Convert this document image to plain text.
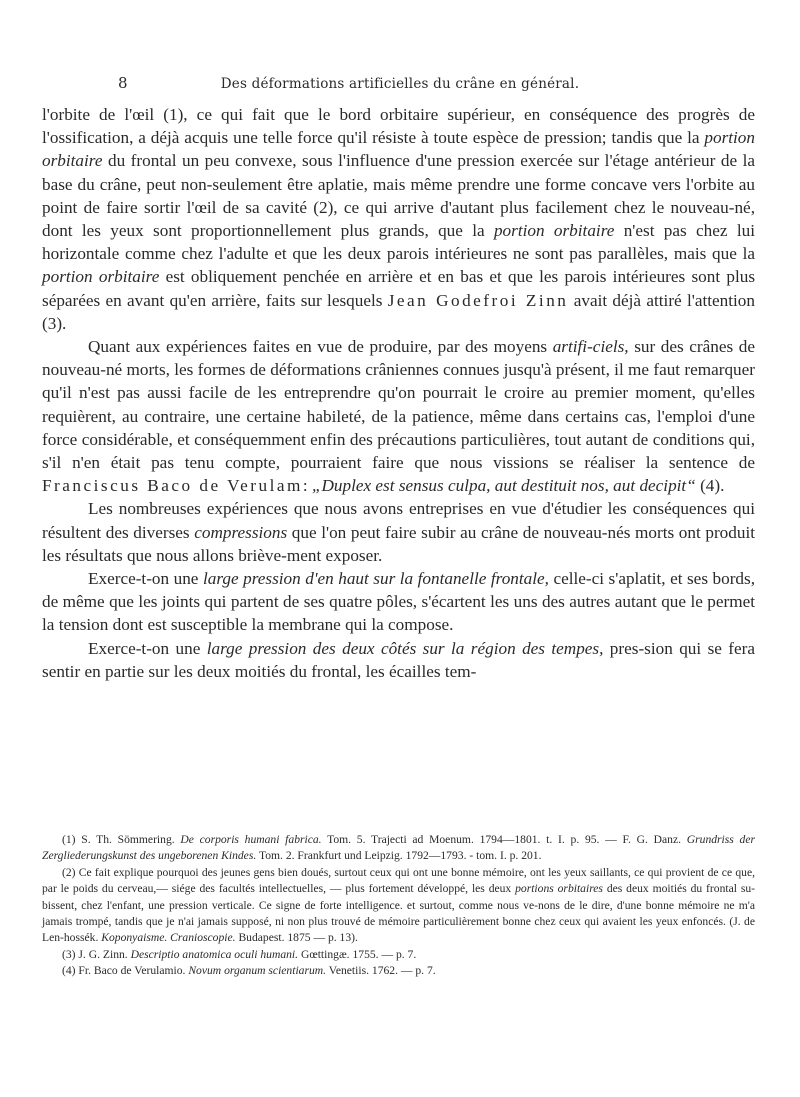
8	Des déformations artificielles du crâne en général.

l'orbite de l'œil (1), ce qui fait que le bord orbitaire supérieur, en conséquence des progrès de l'ossification, a déjà acquis une telle force qu'il résiste à toute espèce de pression; tandis que la portion orbitaire du frontal un peu convexe, sous l'influence d'une pression exercée sur l'étage antérieur de la base du crâne, peut non-seulement être aplatie, mais même prendre une forme concave vers l'orbite au point de faire sortir l'œil de sa cavité (2), ce qui arrive d'autant plus facilement chez le nouveau-né, dont les yeux sont proportionnellement plus grands, que la portion orbitaire n'est pas chez lui horizontale comme chez l'adulte et que les deux parois intérieures ne sont pas parallèles, mais que la portion orbitaire est obliquement penchée en arrière et en bas et que les parois intérieures sont plus séparées en avant qu'en arrière, faits sur lesquels Jean Godefroi Zinn avait déjà attiré l'attention (3).

Quant aux expériences faites en vue de produire, par des moyens artifi-ciels, sur des crânes de nouveau-né morts, les formes de déformations crâniennes connues jusqu'à présent, il me faut remarquer qu'il n'est pas aussi facile de les entreprendre qu'on pourrait le croire au premier moment, qu'elles requièrent, au contraire, une certaine habileté, de la patience, même dans certains cas, l'emploi d'une force considérable, et conséquemment enfin des précautions particulières, tout autant de conditions qui, s'il n'en était pas tenu compte, pourraient faire que nous vissions se réaliser la sentence de Franciscus Baco de Verulam: „Duplex est sensus culpa, aut destituit nos, aut decipit“ (4).

Les nombreuses expériences que nous avons entreprises en vue d'étudier les conséquences qui résultent des diverses compressions que l'on peut faire subir au crâne de nouveau-nés morts ont produit les résultats que nous allons briève-ment exposer.

Exerce-t-on une large pression d'en haut sur la fontanelle frontale, celle-ci s'aplatit, et ses bords, de même que les joints qui partent de ses quatre pôles, s'écartent les uns des autres autant que le permet la tension dont est susceptible la membrane qui la compose.

Exerce-t-on une large pression des deux côtés sur la région des tempes, pres-sion qui se fera sentir en partie sur les deux moitiés du frontal, les écailles tem-

(1) S. Th. Sömmering. De corporis humani fabrica. Tom. 5. Trajecti ad Moenum. 1794—1801. t. I. p. 95. — F. G. Danz. Grundriss der Zergliederungskunst des ungeborenen Kindes. Tom. 2. Frankfurt und Leipzig. 1792—1793. - tom. I. p. 201.

(2) Ce fait explique pourquoi des jeunes gens bien doués, surtout ceux qui ont une bonne mémoire, ont les yeux saillants, ce qui provient de ce que, par le poids du cerveau,— siége des facultés intellectuelles, — plus fortement développé, les deux portions orbitaires des deux moitiés du frontal su-bissent, chez l'enfant, une pression verticale. Ce signe de forte intelligence. et surtout, comme nous ve-nons de le dire, d'une bonne mémoire ne m'a jamais trompé, tandis que je n'ai jamais supposé, ni non plus trouvé de mémoire particulièrement bonne chez ceux qui avaient les yeux enfoncés. (J. de Len-hossék. Koponyaisme. Cranioscopie. Budapest. 1875 — p. 13).

(3) J. G. Zinn. Descriptio anatomica oculi humani. Gœttingæ. 1755. — p. 7.

(4) Fr. Baco de Verulamio. Novum organum scientiarum. Venetiis. 1762. — p. 7.
